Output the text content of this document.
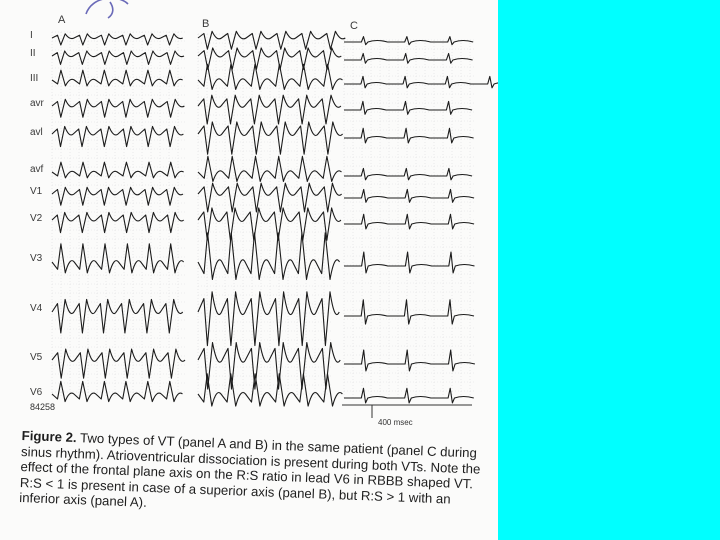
A	B	C
I
II
III
avr
avl
avf
V1
V2
V3
V4
V5
V6
84258
400 msec

Figure 2. Two types of VT (panel A and B) in the same patient (panel C during sinus rhythm). Atrioventricular dissociation is present during both VTs. Note the effect of the frontal plane axis on the R:S ratio in lead V6 in RBBB shaped VT. R:S < 1 is present in case of a superior axis (panel B), but R:S > 1 with an inferior axis (panel A).
